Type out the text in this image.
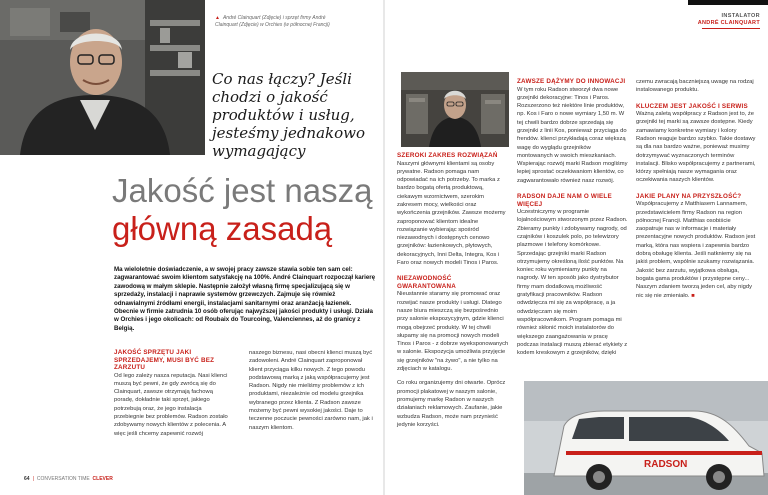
▲ André Clainquart (Zdjęcie) i sprzęt firmy André Clainquart (Zdjęcie) w Orchies (w północnej Francji)
Co nas łączy? Jeśli chodzi o jakość produktów i usług, jesteśmy jednakowo wymagający
Jakość jest naszą
główną zasadą
Ma wieloletnie doświadczenie, a w swojej pracy zawsze stawia sobie ten sam cel: zagwarantować swoim klientom satysfakcję na 100%. André Clainquart rozpoczął karierę zawodową w małym sklepie. Następnie założył własną firmę specjalizującą się w sprzedaży, instalacji i naprawie systemów grzewczych. Zajmuje się również odnawialnymi źródłami energii, instalacjami sanitarnymi oraz aranżacją łazienek. Obecnie w firmie zatrudnia 10 osób oferując najwyższej jakości produkty i usługi. Działa w Orchies i jego okolicach: od Roubaix do Tourcoing, Valenciennes, aż do granicy z Belgią.
JAKOŚĆ SPRZĘTU JAKI SPRZEDAJEMY, MUSI BYĆ BEZ ZARZUTU

Od lego zależy nasza reputacja. Nasi klienci muszą być pewni, że gdy zwrócą się do Clainquart, zawsze otrzymają fachową poradę, dokładnie taki sprzęt, jakiego potrzebują oraz, że jego instalacja przebiegnie bez problemów. Radson zostało zdobywamy nowych klientów z polecenia. A więc jeśli chcemy zapewnić rozwój

naszego biznesu, nasi obecni klienci muszą być zadowoleni. André Clainquart zaproponował klient przyciąga kilku nowych. Z tego powodu podstawową marką z jaką współpracujemy jest Radson. Nigdy nie mieliśmy problemów z ich produktami, niezależnie od modelu grzejnika wybranego przez klienta. Z Radson zawsze możemy być pewni wysokiej jakości. Daje to teczenne poczucie pewności zarówno nam, jak i naszym klientom.

64 | CONVERSATION TIME CLEVER
INSTALATOR
ANDRÉ CLAINQUART
SZEROKI ZAKRES ROZWIĄZAŃ

Naszymi głównymi klientami są osoby prywatne. Radson pomaga nam odpowiadać na ich potrzeby. To marka z bardzo bogatą ofertą produktową, ciekawym wzornictwem, szerokim zakresem mocy, wielkości oraz wykończenia grzejników. Zawsze możemy zaproponować klientom idealne rozwiązanie wybierając spośród niezawodnych i dostępnych cenowo grzejników: łazienkowych, płytowych, dekoracyjnych, Inni Delta, Integra, Kos i Faro oraz nowych modeli Tinos i Paros.

NIEZAWODNOŚĆ GWARANTOWANA

Nieustannie staramy się promować oraz rozwijać nasze produkty i usługi. Dlatego nasze biura mieszczą się bezpośrednio przy salonie ekspozycyjnym, gdzie klienci mogą obejrzeć produkty. W tej chwili słupamy się na promocji nowych modeli Tinos i Paros - z dobrze wyeksponowanych w salonie. Ekspozycja umożliwia przyjęcie się grzejników "na żywo", a nie tylko na zdjęciach w katalogu.

Co roku organizujemy dni otwarte. Oprócz promocji plakatowej w naszym salonie, promujemy markę Radson w naszych działaniach reklamowych. Zaufanie, jakie wzbudza Radson, może nam przynieść jedynie korzyści.

ZAWSZE DĄŻYMY DO INNOWACJI

W tym roku Radson stworzył dwa nowe grzejniki dekoracyjne: Tinos i Paros. Rozszerzono też niektóre linie produktów, np. Kos i Faro o nowe wymiary 1,50 m. W tej chwili bardzo dobrze sprzedają się grzejniki z linii Kos, ponieważ przyciąga do frendów. klienci przykładają coraz większą wagę do wyglądu grzejników montowanych w swoich mieszkaniach. Wspierając rozwój marki Radson mogliśmy lepiej sprostać oczekiwaniom klientów, co zagwarantowało również nasz rozwój.

RADSON DAJE NAM O WIELE WIĘCEJ

Uczestniczymy w programie lojalnościowym stworzonym przez Radson. Zbieramy punkty i zdobywamy nagrody, od czajników i koszulek polo, po telewizory plazmowe i telefony komórkowe. Sprzedając grzejniki marki Radson otrzymujemy określoną ilość punktów. Na koniec roku wymieniamy punkty na nagrody. W ten sposób jako dystrybutor firmy mam dodatkową możliwość gratyfikacji pracowników. Radson odwdzięcza mi się za współpracę, a ja odwdzięczam się moim współpracownikom. Program pomaga mi również skłonić moich instalatorów do większego zaangażowania w pracę podczas instalacji muszą zbierać etykiety z kodem kreskowym z grzejników, dzięki

czemu zwracają baczniejszą uwagę na rodzaj instalowanego produktu.

KLUCZEM JEST JAKOŚĆ I SERWIS

Ważną zaletą współpracy z Radson jest to, że grzejniki tej marki są zawsze dostępne. Kiedy zamawiamy konkretne wymiary i kolory Radson reaguje bardzo szybko. Takie dostawy są dla nas bardzo ważne, ponieważ musimy dotrzymywać wyznaczonych terminów instalacji. Blisko współpracujemy z partnerami, którzy spełniają nasze wymagania oraz oczekiwania naszych klientów.

JAKIE PLANY NA PRZYSZŁOŚĆ?

Współpracujemy z Matthiasem Lannamem, przedstawicielem firmy Radson na region północnej Francji. Matthias osobiście zaopatruje nas w informacje i materiały prezentacyjne nowych produktów. Radson jest marką, która nas wspiera i zapewnia bardzo dobrą obsługę klienta. Jeśli natkniemy się na jakiś problem, wspólnie szukamy rozwiązania. Jakość bez zarzutu, wyjątkowa obsługa, bogata gama produktów i przystępne ceny... Naszym zdaniem tworzą jeden cel, aby nigdy nic się nie zmieniało. ■

RADSON
